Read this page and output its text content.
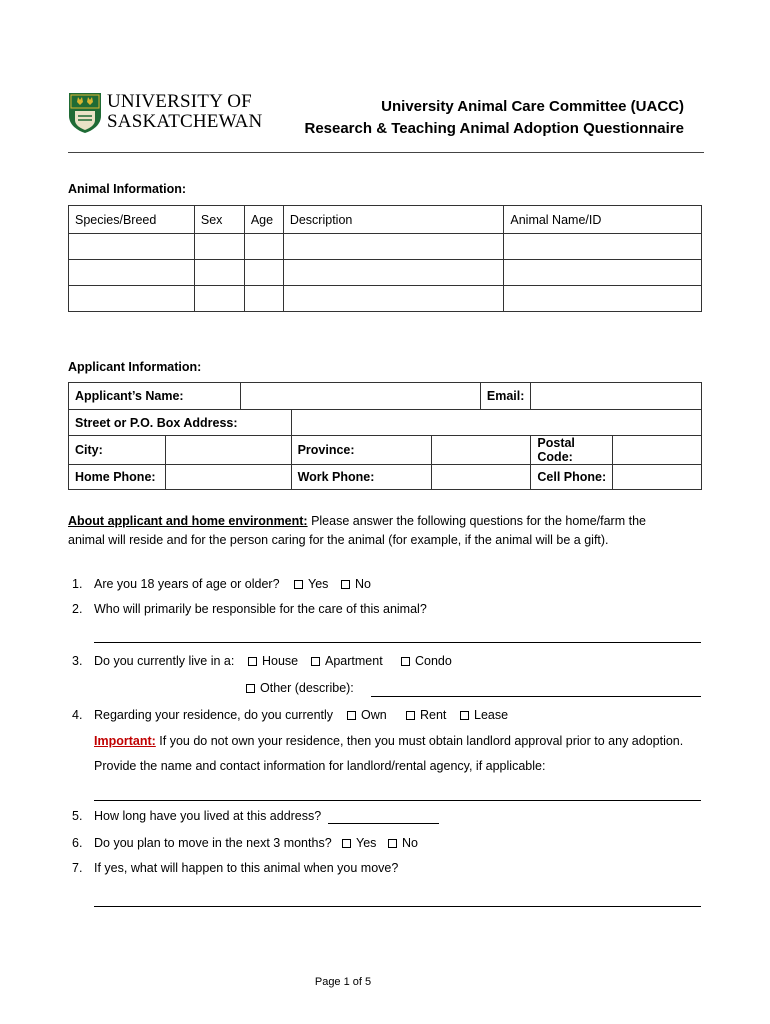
UNIVERSITY OF
SASKATCHEWAN
University Animal Care Committee (UACC)
Research & Teaching Animal Adoption Questionnaire
Animal Information:
Species/Breed	Sex	Age	Description	Animal Name/ID

Applicant Information:
Applicant’s Name:					Email:		
Street or P.O. Box Address:							
City:			Province:			Postal Code:	
Home Phone:			Work Phone:			Cell Phone:	
About applicant and home environment: Please answer the following questions for the home/farm the
animal will reside and for the person caring for the animal (for example, if the animal will be a gift).
1. Are you 18 years of age or older?	Yes	No
2. Who will primarily be responsible for the care of this animal?
3. Do you currently live in a:	House	Apartment	Condo
Other (describe):
4. Regarding your residence, do you currently	Own	Rent	Lease
Important: If you do not own your residence, then you must obtain landlord approval prior to any adoption.
Provide the name and contact information for landlord/rental agency, if applicable:
5. How long have you lived at this address?
6. Do you plan to move in the next 3 months?	Yes	No
7. If yes, what will happen to this animal when you move?
Page 1 of 5
